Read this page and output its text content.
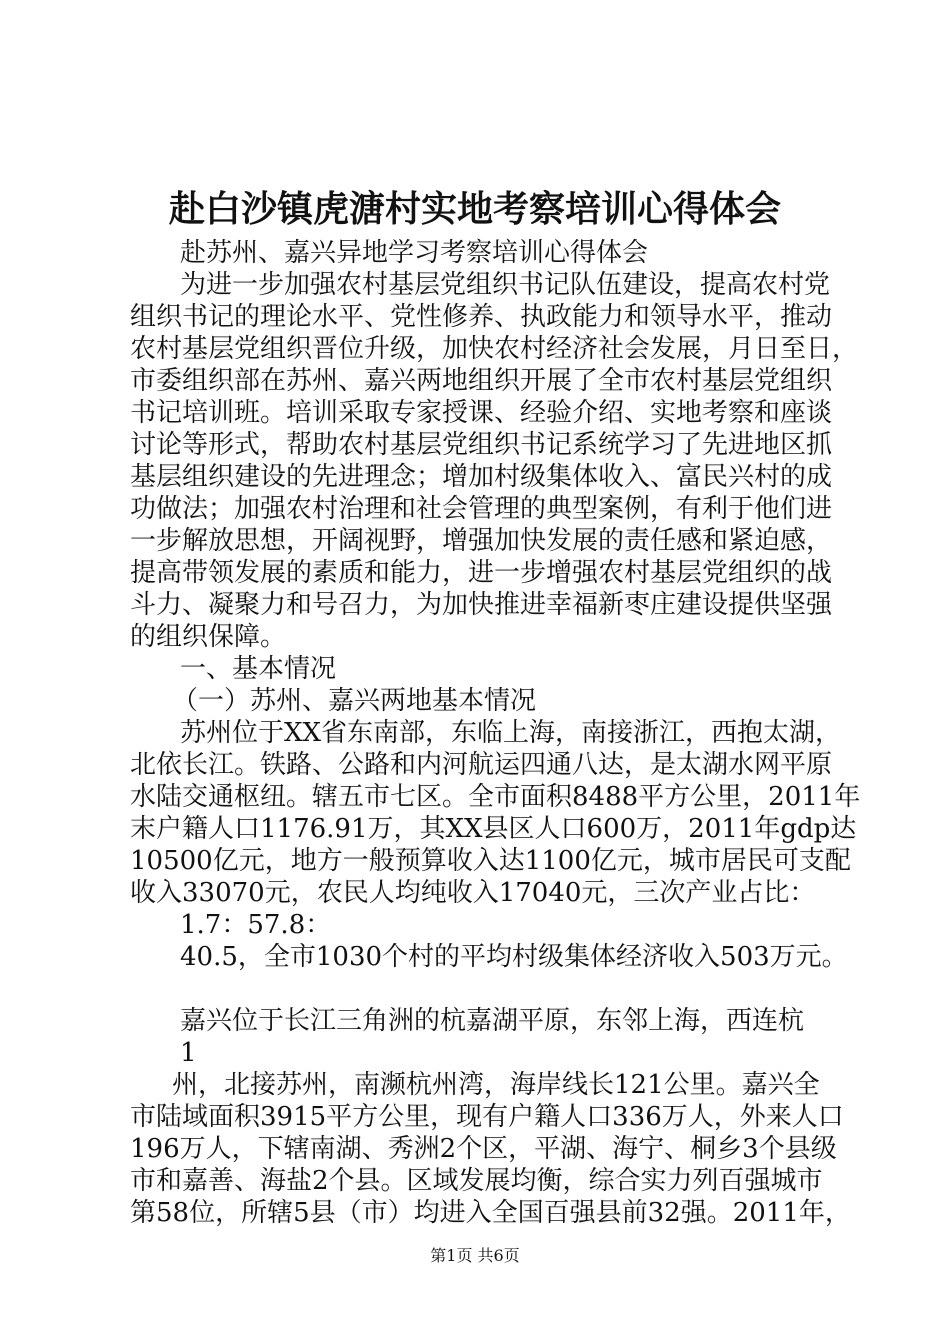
赴白沙镇虎溏村实地考察培训心得体会
赴苏州、嘉兴异地学习考察培训心得体会
为进一步加强农村基层党组织书记队伍建设，提高农村党
组织书记的理论水平、党性修养、执政能力和领导水平，推动
农村基层党组织晋位升级，加快农村经济社会发展，月日至日，
市委组织部在苏州、嘉兴两地组织开展了全市农村基层党组织
书记培训班。培训采取专家授课、经验介绍、实地考察和座谈
讨论等形式，帮助农村基层党组织书记系统学习了先进地区抓
基层组织建设的先进理念；增加村级集体收入、富民兴村的成
功做法；加强农村治理和社会管理的典型案例，有利于他们进
一步解放思想，开阔视野，增强加快发展的责任感和紧迫感，
提高带领发展的素质和能力，进一步增强农村基层党组织的战
斗力、凝聚力和号召力，为加快推进幸福新枣庄建设提供坚强
的组织保障。
一、基本情况
（一）苏州、嘉兴两地基本情况
苏州位于XX省东南部，东临上海，南接浙江，西抱太湖，
北依长江。铁路、公路和内河航运四通八达，是太湖水网平原
水陆交通枢纽。辖五市七区。全市面积8488平方公里，2011年
末户籍人口1176.91万，其XX县区人口600万，2011年gdp达
10500亿元，地方一般预算收入达1100亿元，城市居民可支配
收入33070元，农民人均纯收入17040元，三次产业占比：
1.7：57.8：
40.5，全市1030个村的平均村级集体经济收入503万元。
嘉兴位于长江三角洲的杭嘉湖平原，东邻上海，西连杭
1
州，北接苏州，南濒杭州湾，海岸线长121公里。嘉兴全
市陆域面积3915平方公里，现有户籍人口336万人，外来人口
196万人，下辖南湖、秀洲2个区，平湖、海宁、桐乡3个县级
市和嘉善、海盐2个县。区域发展均衡，综合实力列百强城市
第58位，所辖5县（市）均进入全国百强县前32强。2011年，
第1页 共6页
